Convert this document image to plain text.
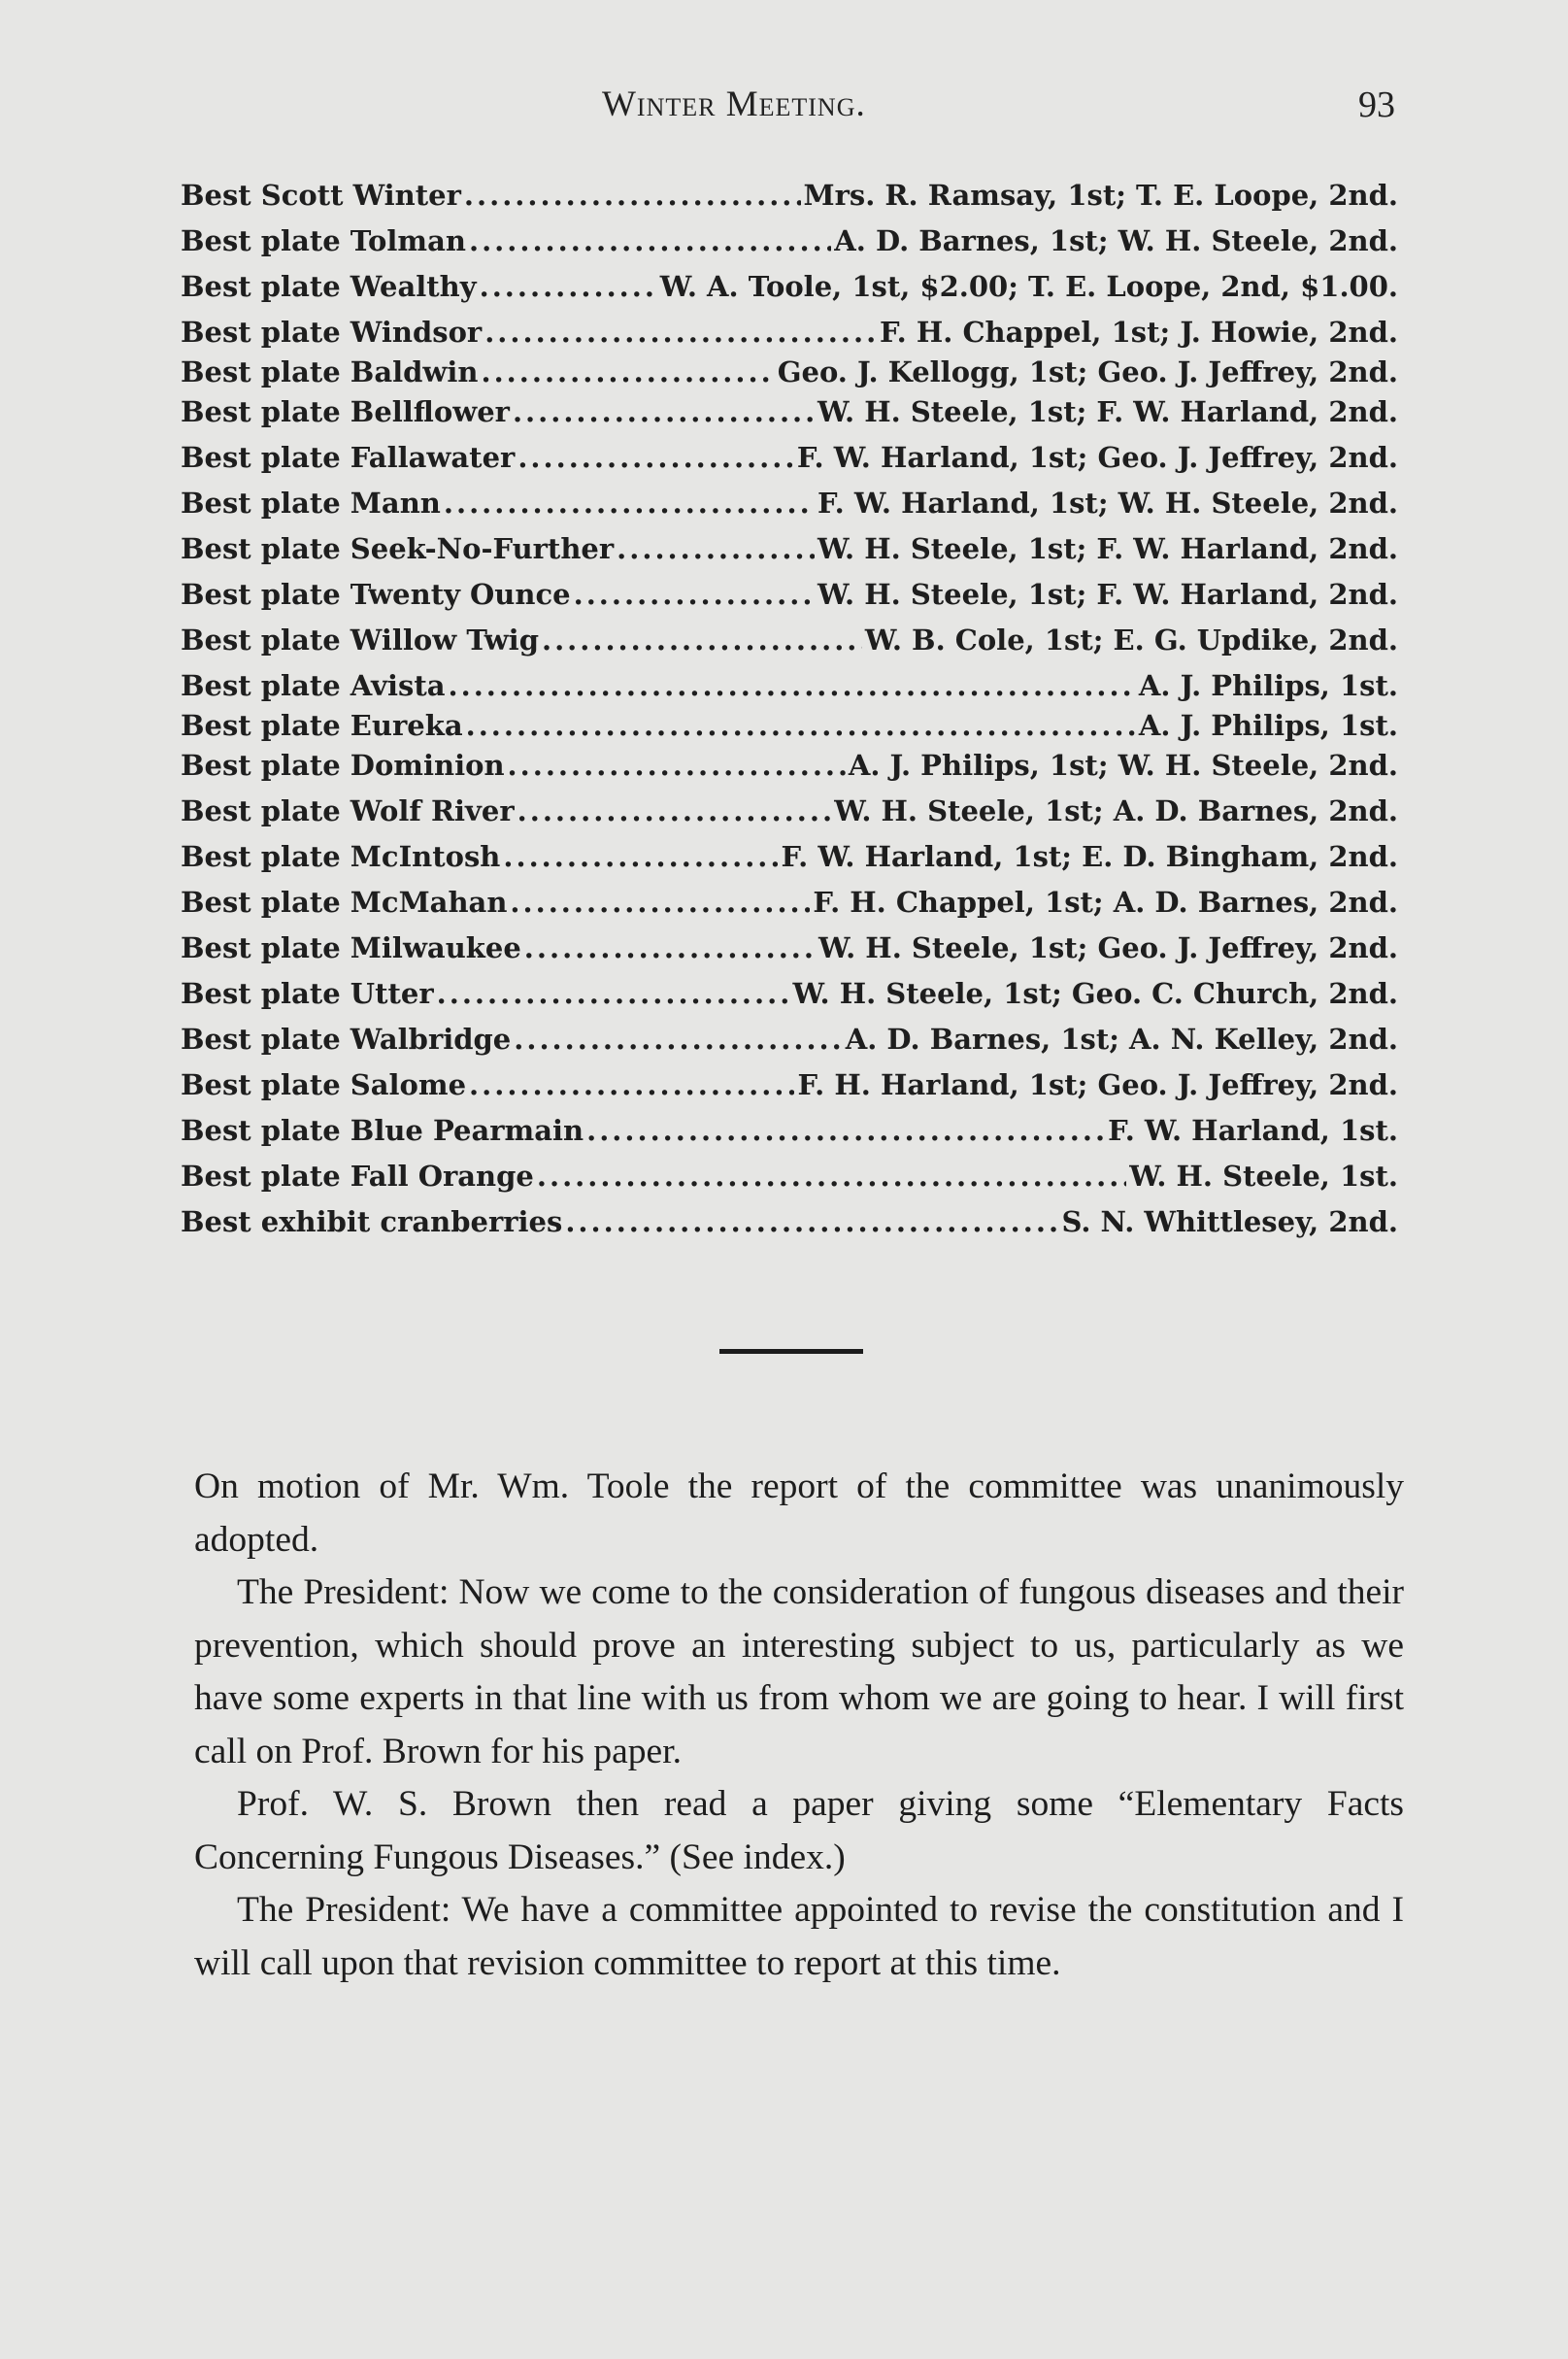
Winter Meeting.	93
Best Scott Winter .....	Mrs. R. Ramsay, 1st; T. E. Loope, 2nd.
Best plate Tolman .....	A. D. Barnes, 1st; W. H. Steele, 2nd.
Best plate Wealthy .....	W. A. Toole, 1st, $2.00; T. E. Loope, 2nd, $1.00.
Best plate Windsor .....	F. H. Chappel, 1st; J. Howie, 2nd.
Best plate Baldwin .....	Geo. J. Kellogg, 1st; Geo. J. Jeffrey, 2nd.
Best plate Bellflower .....	W. H. Steele, 1st; F. W. Harland, 2nd.
Best plate Fallawater .....	F. W. Harland, 1st; Geo. J. Jeffrey, 2nd.
Best plate Mann .....	F. W. Harland, 1st; W. H. Steele, 2nd.
Best plate Seek-No-Further .....	W. H. Steele, 1st; F. W. Harland, 2nd.
Best plate Twenty Ounce .....	W. H. Steele, 1st; F. W. Harland, 2nd.
Best plate Willow Twig .....	W. B. Cole, 1st; E. G. Updike, 2nd.
Best plate Avista .....	A. J. Philips, 1st.
Best plate Eureka .....	A. J. Philips, 1st.
Best plate Dominion .....	A. J. Philips, 1st; W. H. Steele, 2nd.
Best plate Wolf River .....	W. H. Steele, 1st; A. D. Barnes, 2nd.
Best plate McIntosh .....	F. W. Harland, 1st; E. D. Bingham, 2nd.
Best plate McMahan .....	F. H. Chappel, 1st; A. D. Barnes, 2nd.
Best plate Milwaukee .....	W. H. Steele, 1st; Geo. J. Jeffrey, 2nd.
Best plate Utter .....	W. H. Steele, 1st; Geo. C. Church, 2nd.
Best plate Walbridge .....	A. D. Barnes, 1st; A. N. Kelley, 2nd.
Best plate Salome .....	F. H. Harland, 1st; Geo. J. Jeffrey, 2nd.
Best plate Blue Pearmain .....	F. W. Harland, 1st.
Best plate Fall Orange .....	W. H. Steele, 1st.
Best exhibit cranberries .....	S. N. Whittlesey, 2nd.

On motion of Mr. Wm. Toole the report of the committee was unanimously adopted.

The President: Now we come to the consideration of fungous diseases and their prevention, which should prove an interesting subject to us, particularly as we have some experts in that line with us from whom we are going to hear. I will first call on Prof. Brown for his paper.

Prof. W. S. Brown then read a paper giving some “Elementary Facts Concerning Fungous Diseases.” (See index.)

The President: We have a committee appointed to revise the constitution and I will call upon that revision committee to report at this time.
